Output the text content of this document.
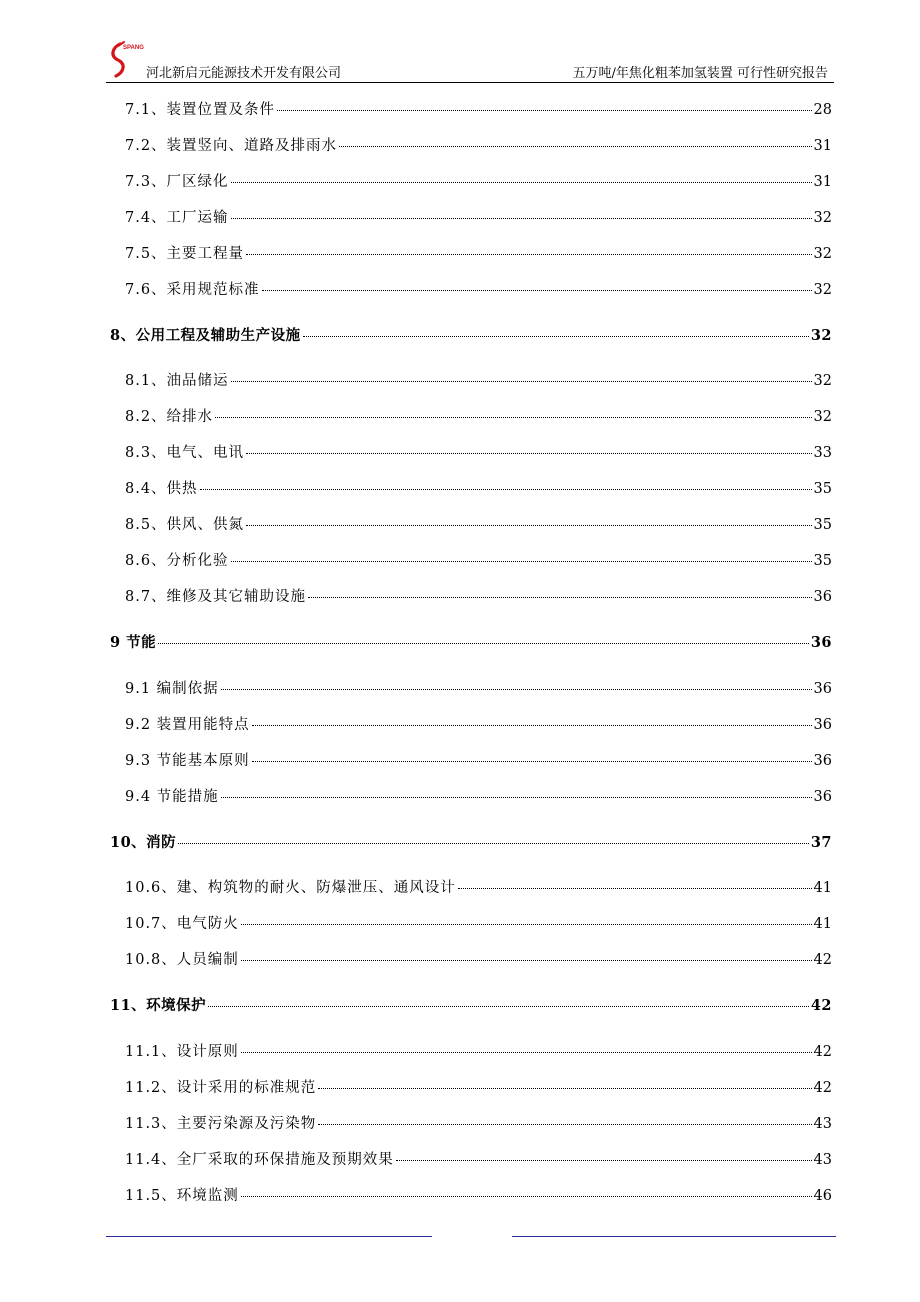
SPANG
河北新启元能源技术开发有限公司	五万吨/年焦化粗苯加氢装置 可行性研究报告
7.1、装置位置及条件	28
7.2、装置竖向、道路及排雨水	31
7.3、厂区绿化	31
7.4、工厂运输	32
7.5、主要工程量	32
7.6、采用规范标准	32
8、公用工程及辅助生产设施	32
8.1、油品储运	32
8.2、给排水	32
8.3、电气、电讯	33
8.4、供热	35
8.5、供风、供氮	35
8.6、分析化验	35
8.7、维修及其它辅助设施	36
9 节能	36
9.1 编制依据	36
9.2 装置用能特点	36
9.3 节能基本原则	36
9.4 节能措施	36
10、消防	37
10.6、建、构筑物的耐火、防爆泄压、通风设计	41
10.7、电气防火	41
10.8、人员编制	42
11、环境保护	42
11.1、设计原则	42
11.2、设计采用的标准规范	42
11.3、主要污染源及污染物	43
11.4、全厂采取的环保措施及预期效果	43
11.5、环境监测	46
